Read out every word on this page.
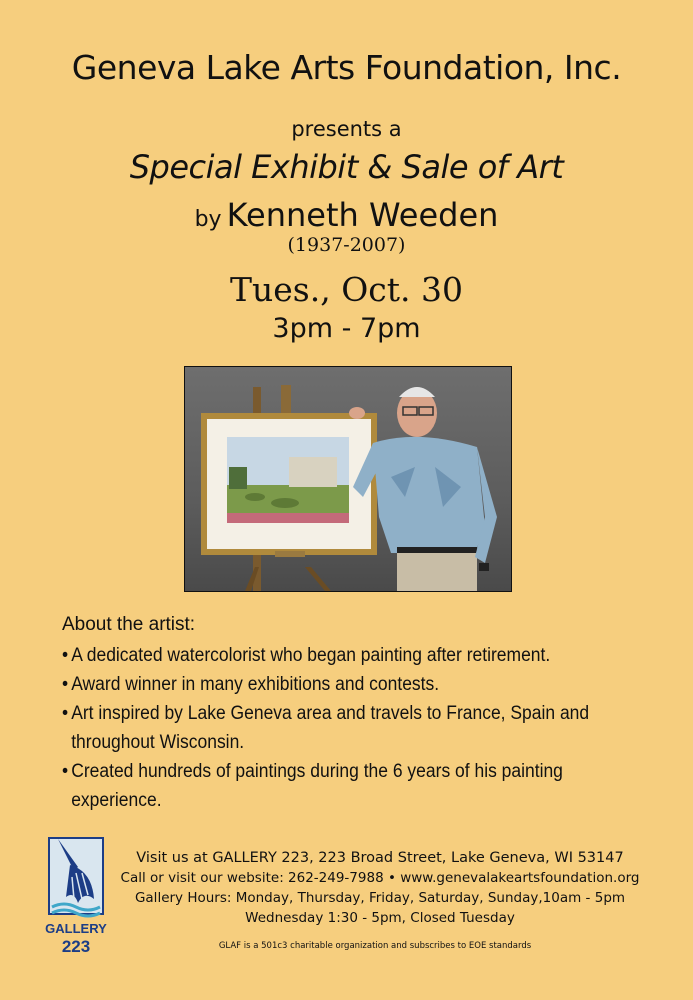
Geneva Lake Arts Foundation, Inc.
presents a
Special Exhibit & Sale of Art
by Kenneth Weeden
(1937-2007)
Tues., Oct. 30
3pm - 7pm
About the artist:
• A dedicated watercolorist who began painting after retirement.
• Award winner in many exhibitions and contests.
• Art inspired by Lake Geneva area and travels to France, Spain and throughout Wisconsin.
• Created hundreds of paintings during the 6 years of his painting experience.
GALLERY
223
Visit us at GALLERY 223, 223 Broad Street, Lake Geneva, WI 53147
Call or visit our website: 262-249-7988 • www.genevalakeartsfoundation.org
Gallery Hours: Monday, Thursday, Friday, Saturday, Sunday,10am - 5pm
Wednesday 1:30 - 5pm, Closed Tuesday
GLAF is a 501c3 charitable organization and subscribes to EOE standards
